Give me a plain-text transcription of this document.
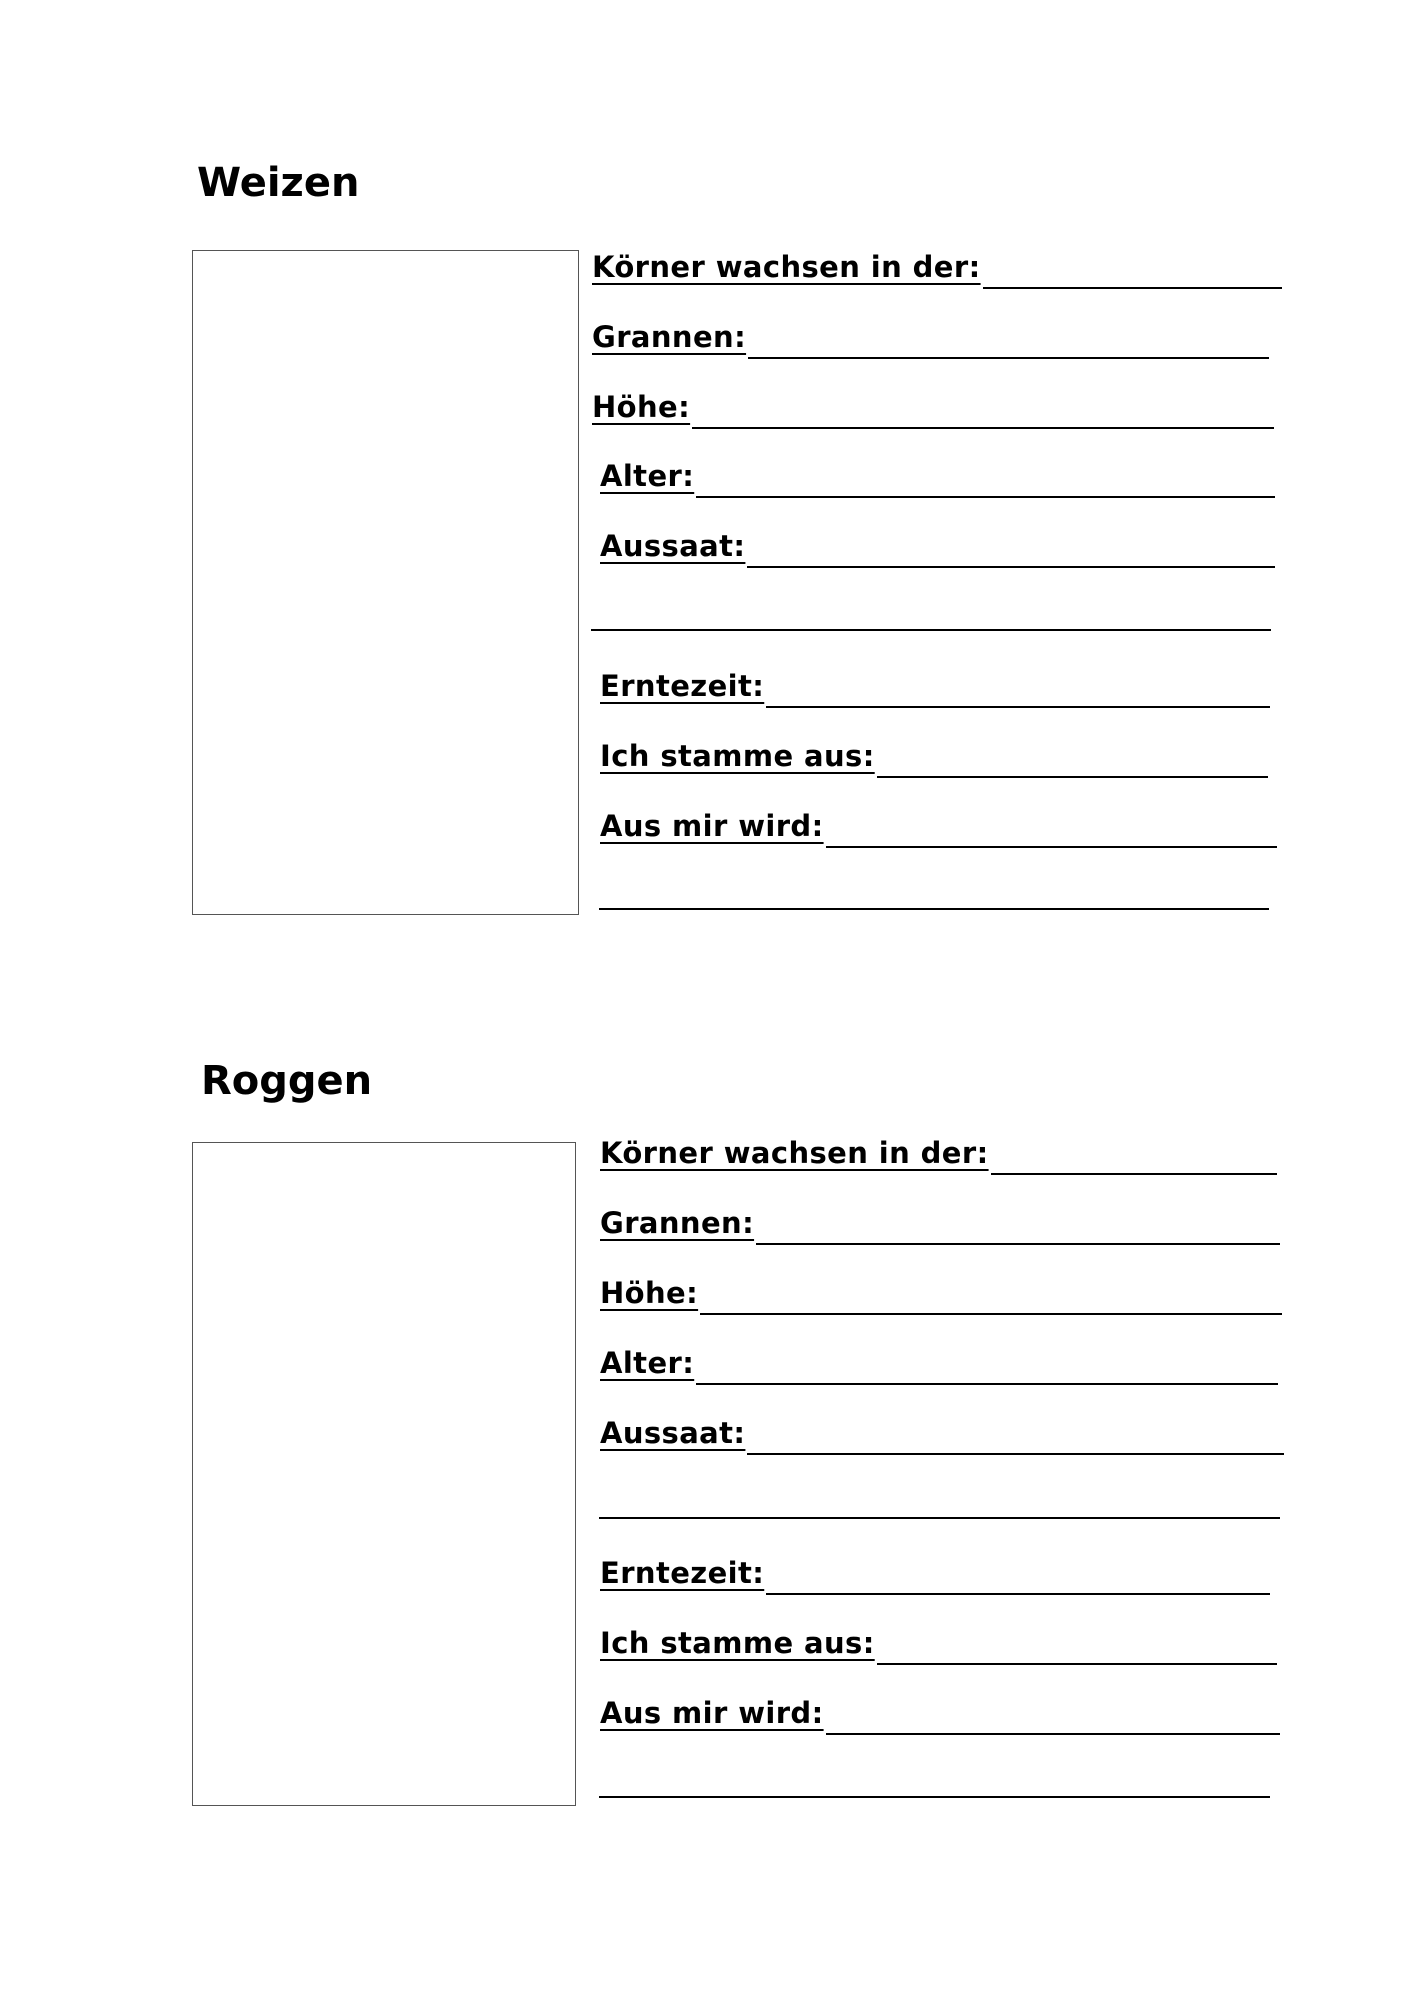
Weizen
Körner wachsen in der:
Grannen:
Höhe:
Alter:
Aussaat:
Erntezeit:
Ich stamme aus:
Aus mir wird:
Roggen
Körner wachsen in der:
Grannen:
Höhe:
Alter:
Aussaat:
Erntezeit:
Ich stamme aus:
Aus mir wird:
